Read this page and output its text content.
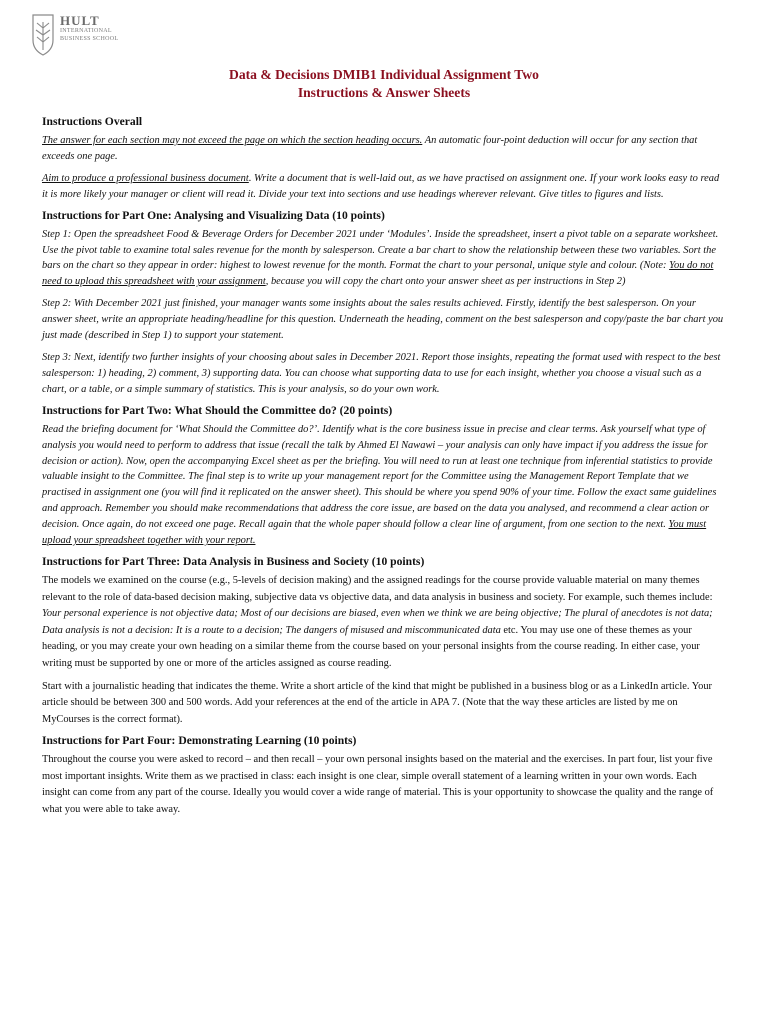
HULT
INTERNATIONAL
BUSINESS SCHOOL
Data & Decisions DMIB1 Individual Assignment Two
Instructions & Answer Sheets
Instructions Overall

The answer for each section may not exceed the page on which the section heading occurs. An automatic four-point deduction will occur for any section that exceeds one page.

Aim to produce a professional business document. Write a document that is well-laid out, as we have practised on assignment one. If your work looks easy to read it is more likely your manager or client will read it. Divide your text into sections and use headings wherever relevant. Give titles to figures and lists.

Instructions for Part One: Analysing and Visualizing Data (10 points)

Step 1: Open the spreadsheet Food & Beverage Orders for December 2021 under ‘Modules’. Inside the spreadsheet, insert a pivot table on a separate worksheet. Use the pivot table to examine total sales revenue for the month by salesperson. Create a bar chart to show the relationship between these two variables. Sort the bars on the chart so they appear in order: highest to lowest revenue for the month. Format the chart to your personal, unique style and colour. (Note: You do not need to upload this spreadsheet with your assignment, because you will copy the chart onto your answer sheet as per instructions in Step 2)

Step 2: With December 2021 just finished, your manager wants some insights about the sales results achieved. Firstly, identify the best salesperson. On your answer sheet, write an appropriate heading/headline for this question. Underneath the heading, comment on the best salesperson and copy/paste the bar chart you just made (described in Step 1) to support your statement.

Step 3: Next, identify two further insights of your choosing about sales in December 2021. Report those insights, repeating the format used with respect to the best salesperson: 1) heading, 2) comment, 3) supporting data. You can choose what supporting data to use for each insight, whether you choose a visual such as a chart, or a table, or a simple summary of statistics. This is your analysis, so do your own work.

Instructions for Part Two: What Should the Committee do? (20 points)

Read the briefing document for ‘What Should the Committee do?’. Identify what is the core business issue in precise and clear terms. Ask yourself what type of analysis you would need to perform to address that issue (recall the talk by Ahmed El Nawawi – your analysis can only have impact if you address the issue for decision or action). Now, open the accompanying Excel sheet as per the briefing. You will need to run at least one technique from inferential statistics to provide valuable insight to the Committee. The final step is to write up your management report for the Committee using the Management Report Template that we practised in assignment one (you will find it replicated on the answer sheet). This should be where you spend 90% of your time. Follow the exact same guidelines and approach. Remember you should make recommendations that address the core issue, are based on the data you analysed, and recommend a clear action or decision. Once again, do not exceed one page. Recall again that the whole paper should follow a clear line of argument, from one section to the next. You must upload your spreadsheet together with your report.

Instructions for Part Three: Data Analysis in Business and Society (10 points)

The models we examined on the course (e.g., 5-levels of decision making) and the assigned readings for the course provide valuable material on many themes relevant to the role of data-based decision making, subjective data vs objective data, and data analysis in business and society. For example, such themes include: Your personal experience is not objective data; Most of our decisions are biased, even when we think we are being objective; The plural of anecdotes is not data; Data analysis is not a decision: It is a route to a decision; The dangers of misused and miscommunicated data etc. You may use one of these themes as your heading, or you may create your own heading on a similar theme from the course based on your personal insights from the course reading. In either case, your writing must be supported by one or more of the articles assigned as course reading.

Start with a journalistic heading that indicates the theme. Write a short article of the kind that might be published in a business blog or as a LinkedIn article. Your article should be between 300 and 500 words. Add your references at the end of the article in APA 7. (Note that the way these articles are listed by me on MyCourses is the correct format).

Instructions for Part Four: Demonstrating Learning (10 points)

Throughout the course you were asked to record – and then recall – your own personal insights based on the material and the exercises. In part four, list your five most important insights. Write them as we practised in class: each insight is one clear, simple overall statement of a learning written in your own words. Each insight can come from any part of the course. Ideally you would cover a wide range of material. This is your opportunity to showcase the quality and the range of what you were able to take away.
